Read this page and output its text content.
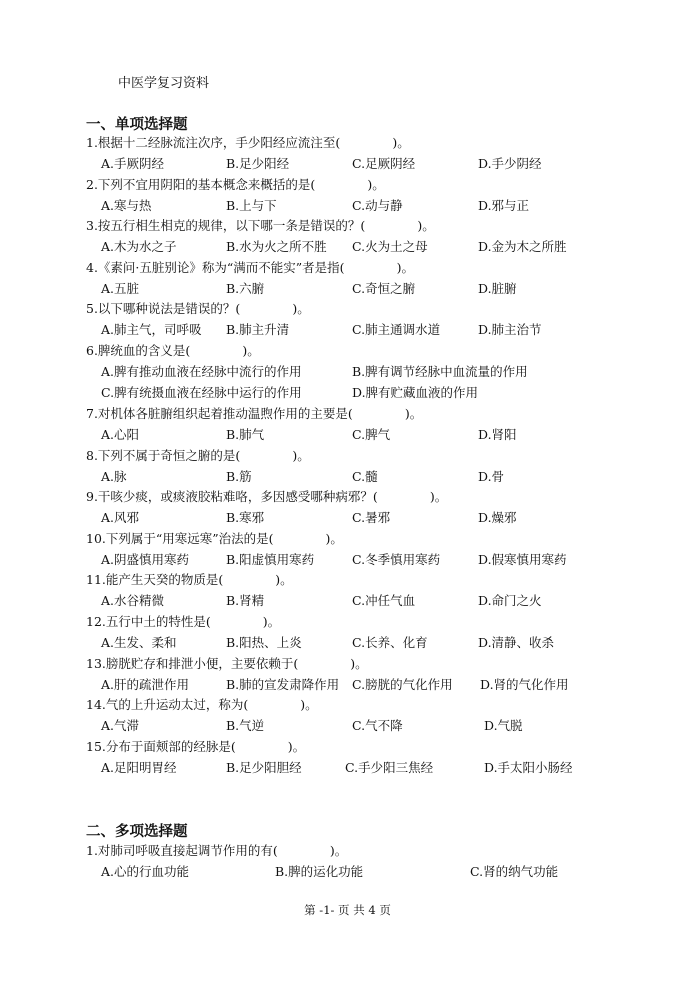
中医学复习资料
一、单项选择题
1.根据十二经脉流注次序，手少阳经应流注至(	)。
A.手厥阴经	B.足少阳经	C.足厥阴经	D.手少阴经
2.下列不宜用阴阳的基本概念来概括的是(	)。
A.寒与热	B.上与下	C.动与静	D.邪与正
3.按五行相生相克的规律，以下哪一条是错误的？(	)。
A.木为水之子	B.水为火之所不胜 C.火为土之母	D.金为木之所胜
4.《素问·五脏别论》称为“满而不能实”者是指(	)。
A.五脏	B.六腑	C.奇恒之腑	D.脏腑
5.以下哪种说法是错误的？(	)。
A.肺主气，司呼吸 B.肺主升清	C.肺主通调水道	D.肺主治节
6.脾统血的含义是(	)。
A.脾有推动血液在经脉中流行的作用	B.脾有调节经脉中血流量的作用
C.脾有统摄血液在经脉中运行的作用	D.脾有贮藏血液的作用
7.对机体各脏腑组织起着推动温煦作用的主要是(	)。
A.心阳	B.肺气	C.脾气	D.肾阳
8.下列不属于奇恒之腑的是(	)。
A.脉	B.筋	C.髓	D.骨
9.干咳少痰，或痰液胶粘难咯，多因感受哪种病邪？(	)。
A.风邪	B.寒邪	C.暑邪	D.燥邪
10.下列属于“用寒远寒”治法的是(	)。
A.阴盛慎用寒药	B.阳虚慎用寒药	C.冬季慎用寒药	D.假寒慎用寒药
11.能产生天癸的物质是(	)。
A.水谷精微	B.肾精	C.冲任气血	D.命门之火
12.五行中土的特性是(	)。
A.生发、柔和	B.阳热、上炎	C.长养、化育	D.清静、收杀
13.膀胱贮存和排泄小便，主要依赖于(	)。
A.肝的疏泄作用	B.肺的宣发肃降作用 C.膀胱的气化作用 D.肾的气化作用
14.气的上升运动太过，称为(	)。
A.气滞	B.气逆	C.气不降	D.气脱
15.分布于面颊部的经脉是(	)。
A.足阳明胃经	B.足少阳胆经	C.手少阳三焦经	D.手太阳小肠经
二、多项选择题
1.对肺司呼吸直接起调节作用的有(	)。
A.心的行血功能	B.脾的运化功能	C.肾的纳气功能
第 -1- 页 共 4 页
